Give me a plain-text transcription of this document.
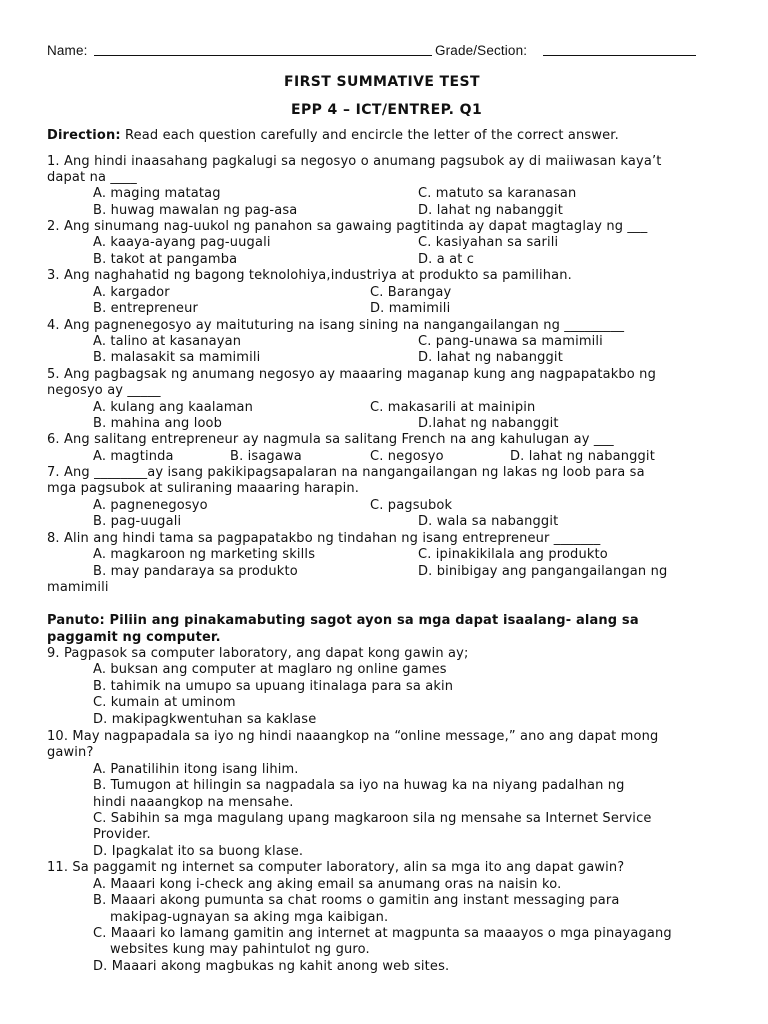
Name:	Grade/Section:
FIRST SUMMATIVE TEST
EPP 4 – ICT/ENTREP. Q1
Direction: Read each question carefully and encircle the letter of the correct answer.
1. Ang hindi inaasahang pagkalugi sa negosyo o anumang pagsubok ay di maiiwasan kaya’t
dapat na ____
A. maging matatag	C. matuto sa karanasan
B. huwag mawalan ng pag-asa	D. lahat ng nabanggit
2. Ang sinumang nag-uukol ng panahon sa gawaing pagtitinda ay dapat magtaglay ng ___
A. kaaya-ayang pag-uugali	C. kasiyahan sa sarili
B. takot at pangamba	D. a at c
3. Ang naghahatid ng bagong teknolohiya,industriya at produkto sa pamilihan.
A. kargador	C. Barangay
B. entrepreneur	D. mamimili
4. Ang pagnenegosyo ay maituturing na isang sining na nangangailangan ng _________
A. talino at kasanayan	C. pang-unawa sa mamimili
B. malasakit sa mamimili	D. lahat ng nabanggit
5. Ang pagbagsak ng anumang negosyo ay maaaring maganap kung ang nagpapatakbo ng
negosyo ay _____
A. kulang ang kaalaman	C. makasarili at mainipin
B. mahina ang loob	D.lahat ng nabanggit
6. Ang salitang entrepreneur ay nagmula sa salitang French na ang kahulugan ay ___
A. magtinda	B. isagawa	C. negosyo	D. lahat ng nabanggit
7. Ang ________ay isang pakikipagsapalaran na nangangailangan ng lakas ng loob para sa
mga pagsubok at suliraning maaaring harapin.
A. pagnenegosyo	C. pagsubok
B. pag-uugali	D. wala sa nabanggit
8. Alin ang hindi tama sa pagpapatakbo ng tindahan ng isang entrepreneur _______
A. magkaroon ng marketing skills	C. ipinakikilala ang produkto
B. may pandaraya sa produkto	D. binibigay ang pangangailangan ng
mamimili
Panuto: Piliin ang pinakamabuting sagot ayon sa mga dapat isaalang- alang sa
paggamit ng computer.
9. Pagpasok sa computer laboratory, ang dapat kong gawin ay;
A. buksan ang computer at maglaro ng online games
B. tahimik na umupo sa upuang itinalaga para sa akin
C. kumain at uminom
D. makipagkwentuhan sa kaklase
10. May nagpapadala sa iyo ng hindi naaangkop na “online message,” ano ang dapat mong
gawin?
A. Panatilihin itong isang lihim.
B. Tumugon at hilingin sa nagpadala sa iyo na huwag ka na niyang padalhan ng
hindi naaangkop na mensahe.
C. Sabihin sa mga magulang upang magkaroon sila ng mensahe sa Internet Service
Provider.
D. Ipagkalat ito sa buong klase.
11. Sa paggamit ng internet sa computer laboratory, alin sa mga ito ang dapat gawin?
A. Maaari kong i-check ang aking email sa anumang oras na naisin ko.
B. Maaari akong pumunta sa chat rooms o gamitin ang instant messaging para
makipag-ugnayan sa aking mga kaibigan.
C. Maaari ko lamang gamitin ang internet at magpunta sa maaayos o mga pinayagang
websites kung may pahintulot ng guro.
D. Maaari akong magbukas ng kahit anong web sites.
